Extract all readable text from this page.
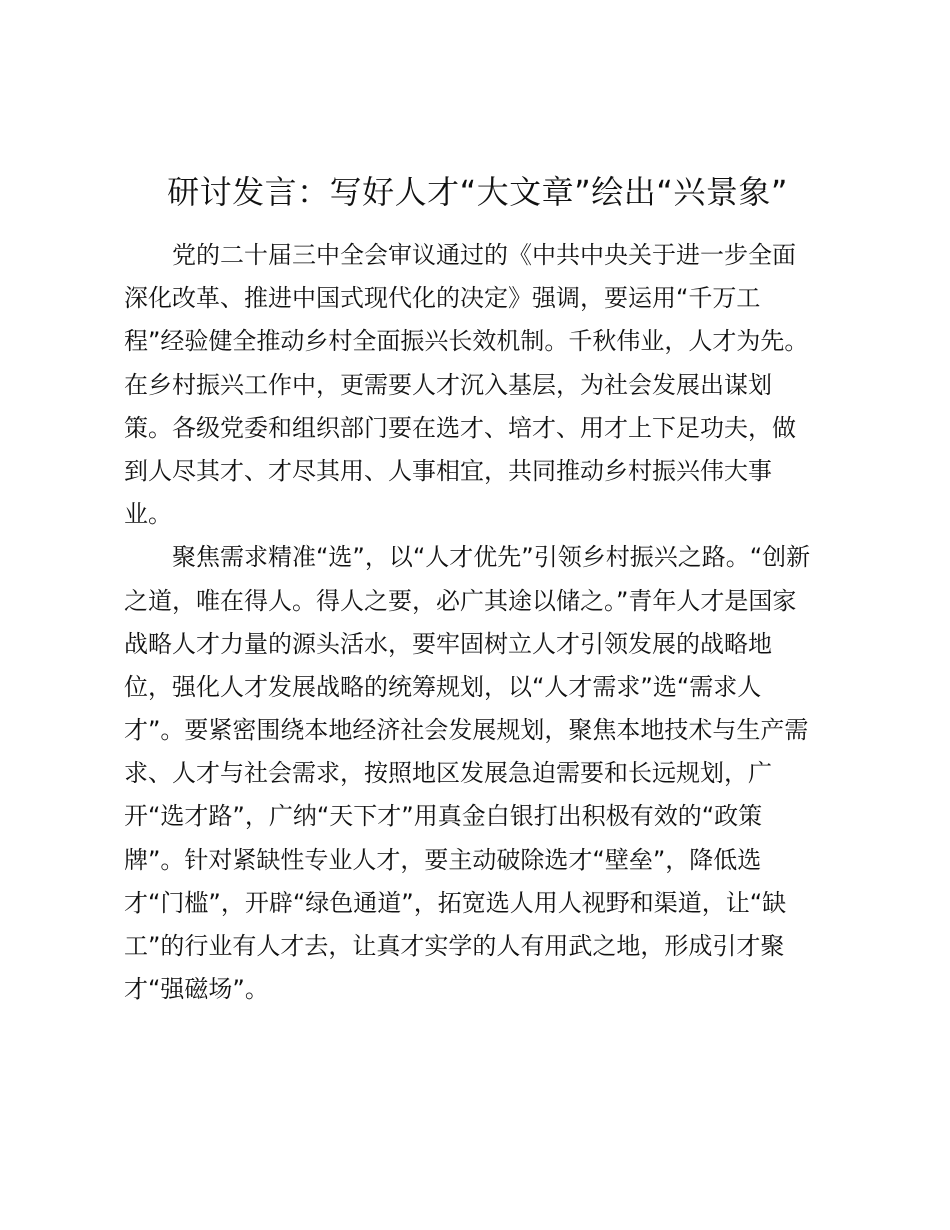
研讨发言：写好人才“大文章”绘出“兴景象”
党的二十届三中全会审议通过的《中共中央关于进一步全面
深化改革、推进中国式现代化的决定》强调，要运用“千万工
程”经验健全推动乡村全面振兴长效机制。千秋伟业，人才为先。
在乡村振兴工作中，更需要人才沉入基层，为社会发展出谋划
策。各级党委和组织部门要在选才、培才、用才上下足功夫，做
到人尽其才、才尽其用、人事相宜，共同推动乡村振兴伟大事
业。
聚焦需求精准“选”，以“人才优先”引领乡村振兴之路。“创新
之道，唯在得人。得人之要，必广其途以储之。”青年人才是国家
战略人才力量的源头活水，要牢固树立人才引领发展的战略地
位，强化人才发展战略的统筹规划，以“人才需求”选“需求人
才”。要紧密围绕本地经济社会发展规划，聚焦本地技术与生产需
求、人才与社会需求，按照地区发展急迫需要和长远规划，广
开“选才路”，广纳“天下才”用真金白银打出积极有效的“政策
牌”。针对紧缺性专业人才，要主动破除选才“壁垒”，降低选
才“门槛”，开辟“绿色通道”，拓宽选人用人视野和渠道，让“缺
工”的行业有人才去，让真才实学的人有用武之地，形成引才聚
才“强磁场”。
